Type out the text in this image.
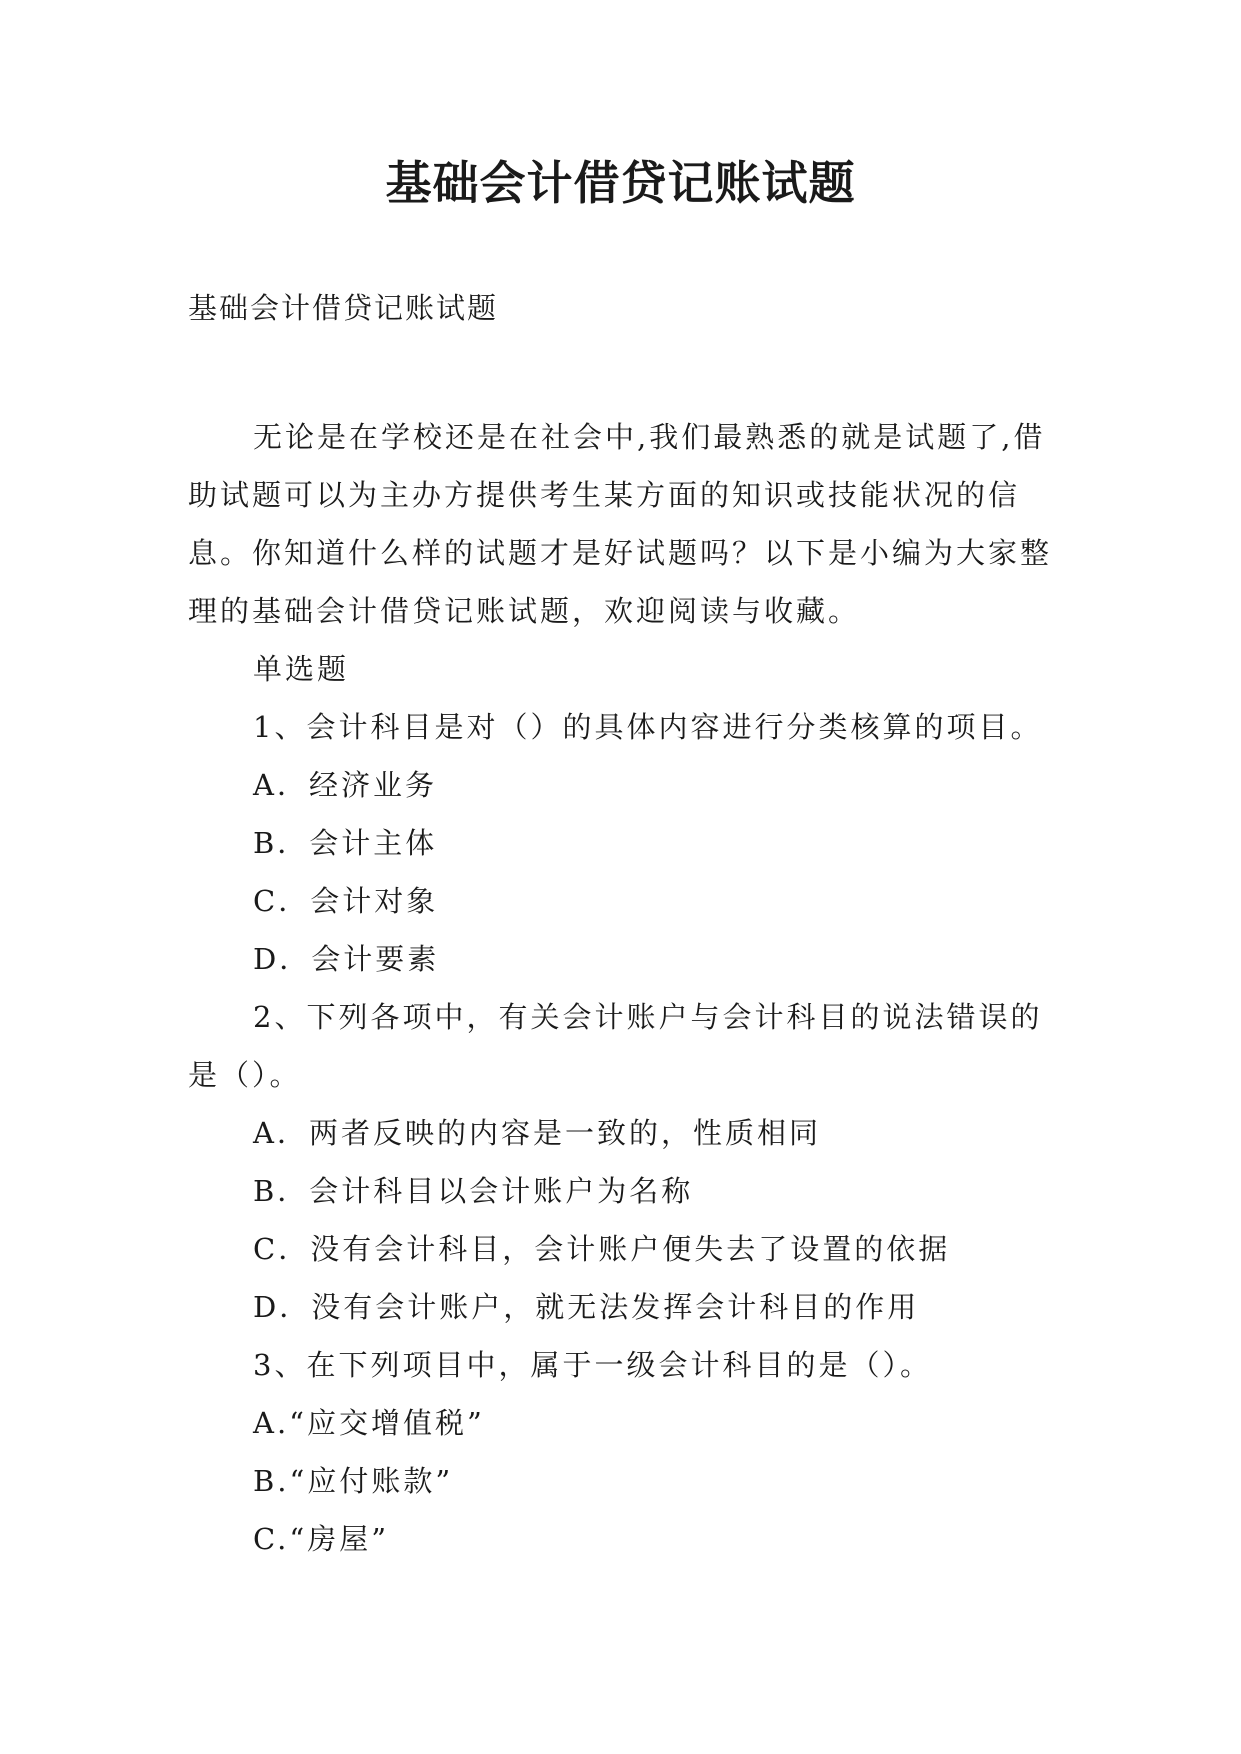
基础会计借贷记账试题

基础会计借贷记账试题

无论是在学校还是在社会中,我们最熟悉的就是试题了,借助试题可以为主办方提供考生某方面的知识或技能状况的信息。你知道什么样的试题才是好试题吗？以下是小编为大家整理的基础会计借贷记账试题，欢迎阅读与收藏。

单选题

1、会计科目是对（）的具体内容进行分类核算的项目。

A．经济业务

B．会计主体

C．会计对象

D．会计要素

2、下列各项中，有关会计账户与会计科目的说法错误的是（）。

A．两者反映的内容是一致的，性质相同

B．会计科目以会计账户为名称

C．没有会计科目，会计账户便失去了设置的依据

D．没有会计账户，就无法发挥会计科目的作用

3、在下列项目中，属于一级会计科目的是（）。

A.“应交增值税”

B.“应付账款”

C.“房屋”
